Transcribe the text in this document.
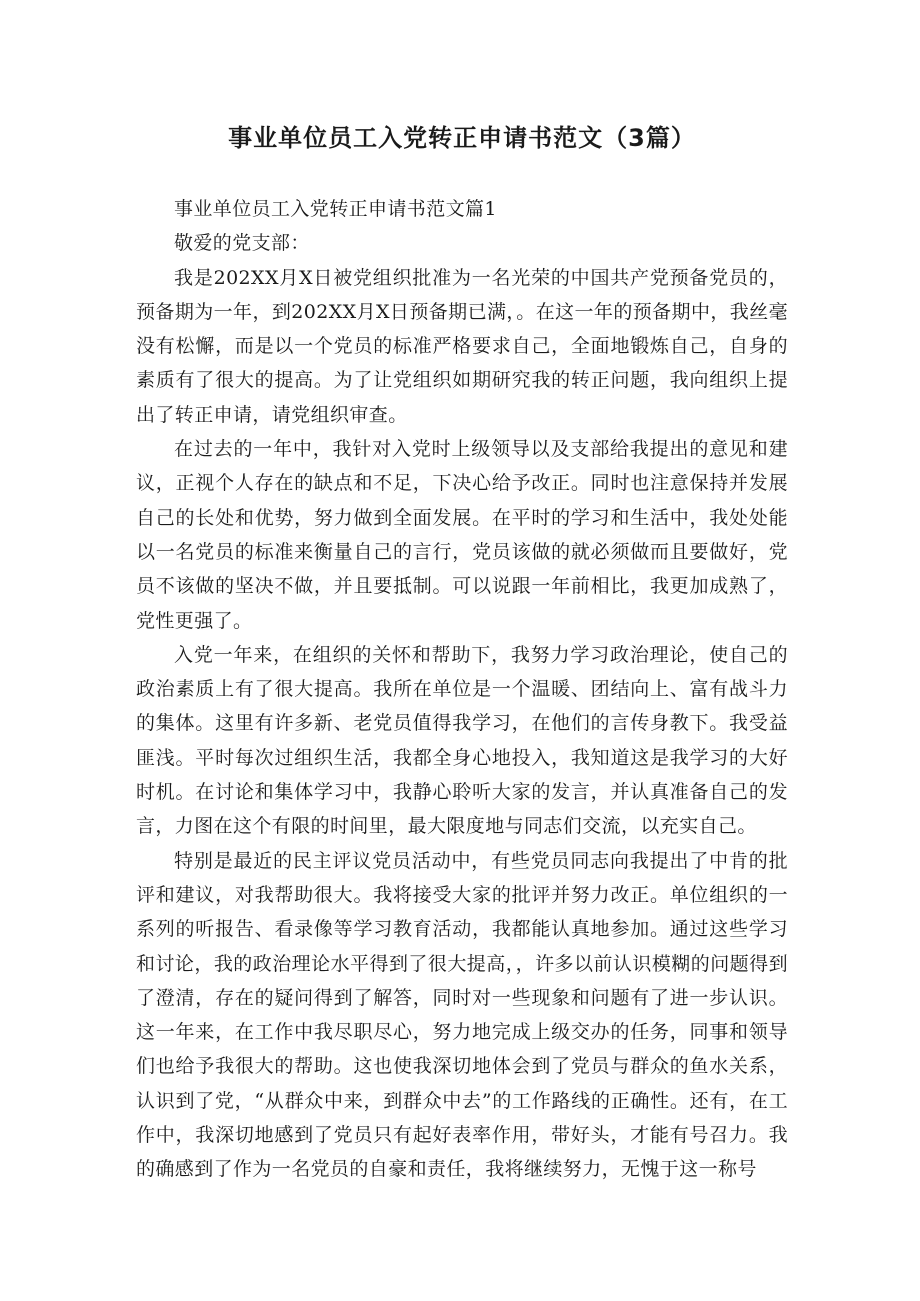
事业单位员工入党转正申请书范文（3篇）

事业单位员工入党转正申请书范文篇1

敬爱的党支部：

我是202XX月X日被党组织批准为一名光荣的中国共产党预备党员的，预备期为一年，到202XX月X日预备期已满，。在这一年的预备期中，我丝毫没有松懈，而是以一个党员的标准严格要求自己，全面地锻炼自己，自身的素质有了很大的提高。为了让党组织如期研究我的转正问题，我向组织上提出了转正申请，请党组织审查。

在过去的一年中，我针对入党时上级领导以及支部给我提出的意见和建议，正视个人存在的缺点和不足，下决心给予改正。同时也注意保持并发展自己的长处和优势，努力做到全面发展。在平时的学习和生活中，我处处能以一名党员的标准来衡量自己的言行，党员该做的就必须做而且要做好，党员不该做的坚决不做，并且要抵制。可以说跟一年前相比，我更加成熟了，党性更强了。

入党一年来，在组织的关怀和帮助下，我努力学习政治理论，使自己的政治素质上有了很大提高。我所在单位是一个温暖、团结向上、富有战斗力的集体。这里有许多新、老党员值得我学习，在他们的言传身教下。我受益匪浅。平时每次过组织生活，我都全身心地投入，我知道这是我学习的大好时机。在讨论和集体学习中，我静心聆听大家的发言，并认真准备自己的发言，力图在这个有限的时间里，最大限度地与同志们交流，以充实自己。

特别是最近的民主评议党员活动中，有些党员同志向我提出了中肯的批评和建议，对我帮助很大。我将接受大家的批评并努力改正。单位组织的一系列的听报告、看录像等学习教育活动，我都能认真地参加。通过这些学习和讨论，我的政治理论水平得到了很大提高，，许多以前认识模糊的问题得到了澄清，存在的疑问得到了解答，同时对一些现象和问题有了进一步认识。这一年来，在工作中我尽职尽心，努力地完成上级交办的任务，同事和领导们也给予我很大的帮助。这也使我深切地体会到了党员与群众的鱼水关系，认识到了党，“从群众中来，到群众中去”的工作路线的正确性。还有，在工作中，我深切地感到了党员只有起好表率作用，带好头，才能有号召力。我的确感到了作为一名党员的自豪和责任，我将继续努力，无愧于这一称号
